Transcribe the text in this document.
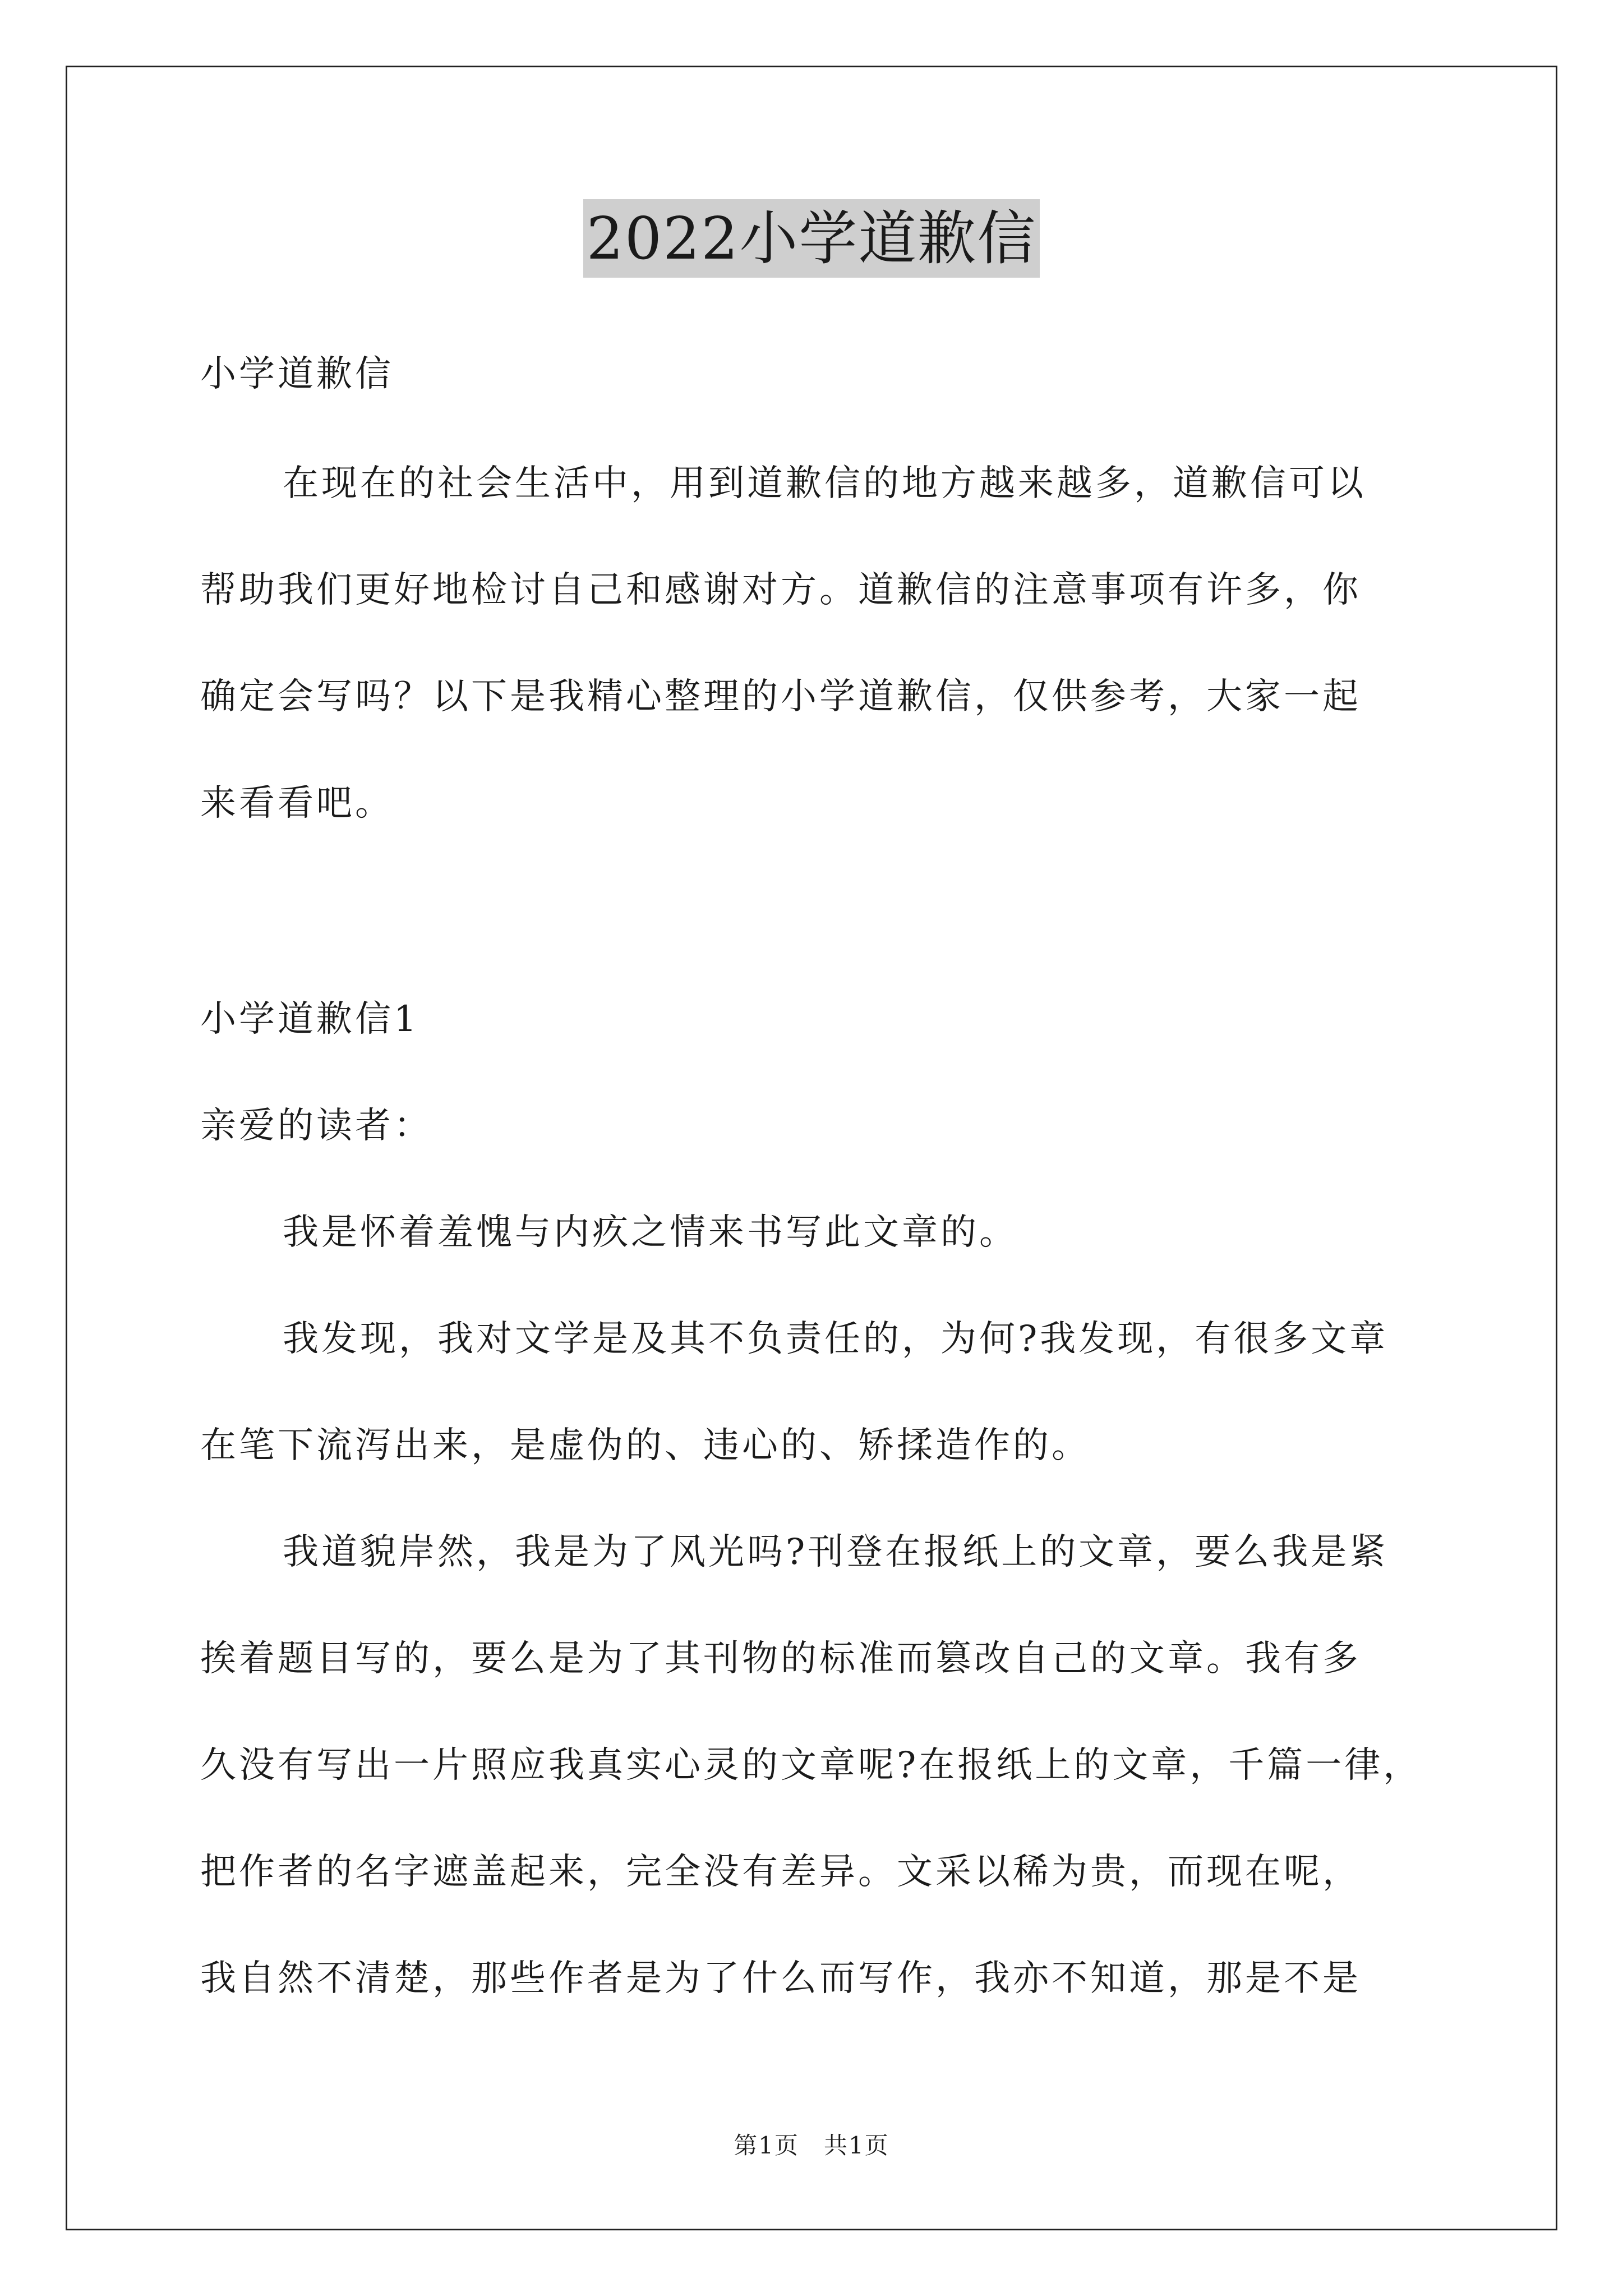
2022小学道歉信
小学道歉信
在现在的社会生活中，用到道歉信的地方越来越多，道歉信可以
帮助我们更好地检讨自己和感谢对方。道歉信的注意事项有许多，你
确定会写吗？以下是我精心整理的小学道歉信，仅供参考，大家一起
来看看吧。
小学道歉信1
亲爱的读者：
我是怀着羞愧与内疚之情来书写此文章的。
我发现，我对文学是及其不负责任的，为何?我发现，有很多文章
在笔下流泻出来，是虚伪的、违心的、矫揉造作的。
我道貌岸然，我是为了风光吗?刊登在报纸上的文章，要么我是紧
挨着题目写的，要么是为了其刊物的标准而篡改自己的文章。我有多
久没有写出一片照应我真实心灵的文章呢?在报纸上的文章，千篇一律，
把作者的名字遮盖起来，完全没有差异。文采以稀为贵，而现在呢，
我自然不清楚，那些作者是为了什么而写作，我亦不知道，那是不是
第1页　共1页
